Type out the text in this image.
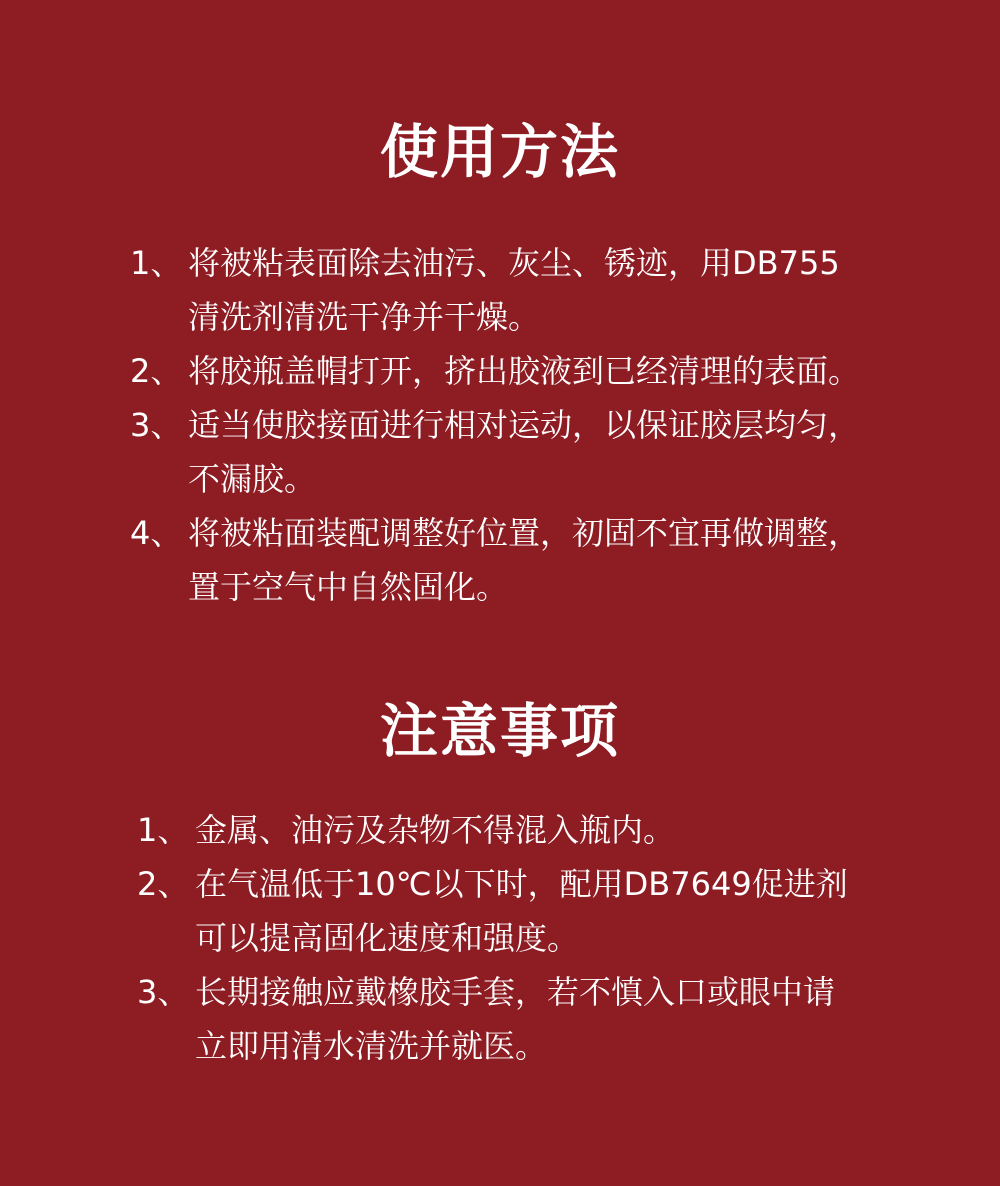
使用方法
1、 将被粘表面除去油污、灰尘、锈迹，用DB755
清洗剂清洗干净并干燥。
2、 将胶瓶盖帽打开，挤出胶液到已经清理的表面。
3、 适当使胶接面进行相对运动，以保证胶层均匀，
不漏胶。
4、 将被粘面装配调整好位置，初固不宜再做调整，
置于空气中自然固化。
注意事项
1、 金属、油污及杂物不得混入瓶内。
2、 在气温低于10℃以下时，配用DB7649促进剂
可以提高固化速度和强度。
3、 长期接触应戴橡胶手套，若不慎入口或眼中请
立即用清水清洗并就医。
